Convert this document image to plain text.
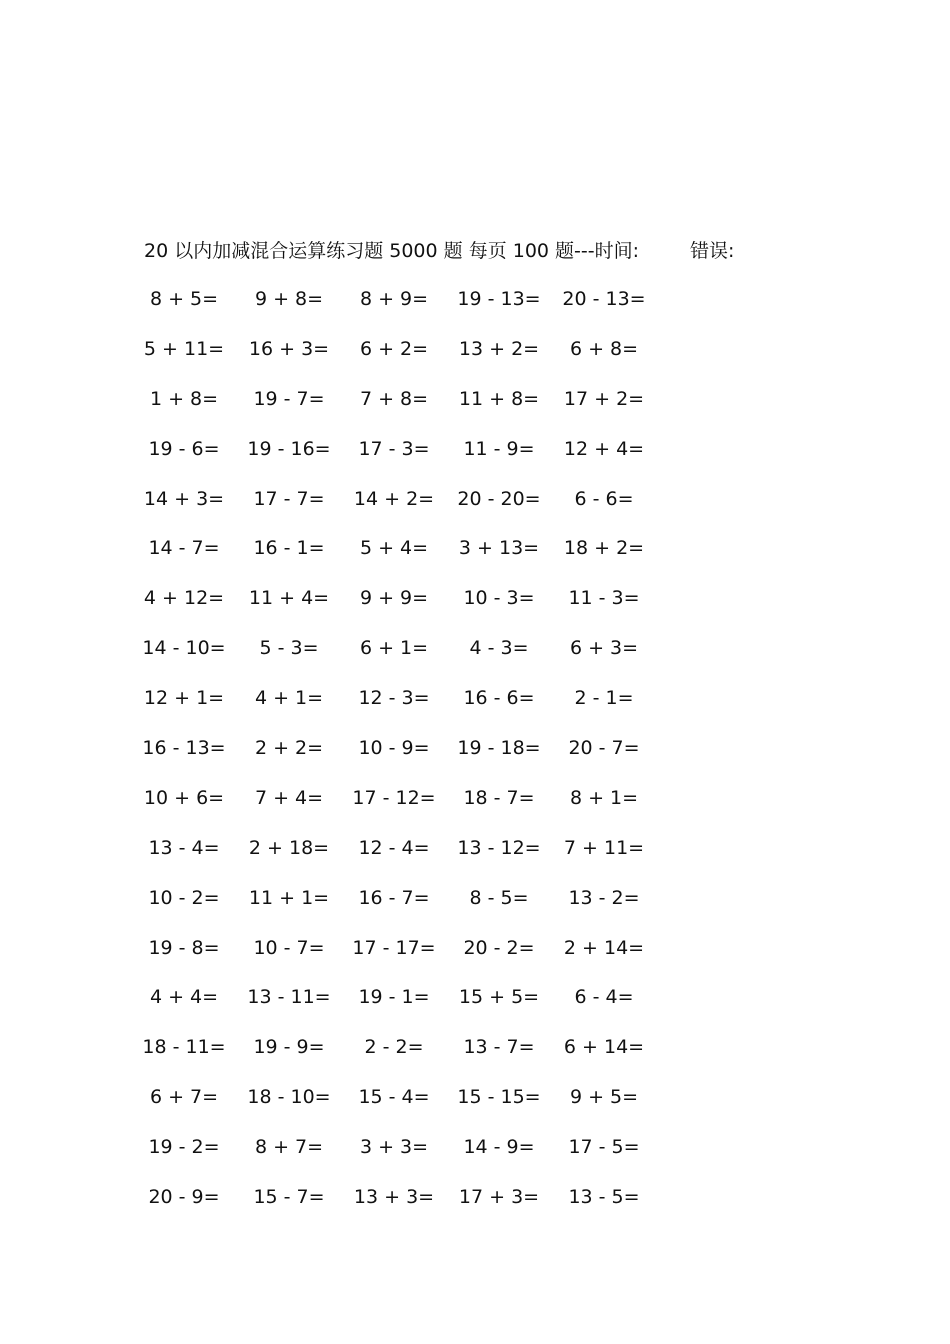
20 以内加减混合运算练习题 5000 题 每页 100 题---时间:	错误:
8 + 5=	9 + 8=	8 + 9=	19 - 13=	20 - 13=
5 + 11=	16 + 3=	6 + 2=	13 + 2=	6 + 8=
1 + 8=	19 - 7=	7 + 8=	11 + 8=	17 + 2=
19 - 6=	19 - 16=	17 - 3=	11 - 9=	12 + 4=
14 + 3=	17 - 7=	14 + 2=	20 - 20=	6 - 6=
14 - 7=	16 - 1=	5 + 4=	3 + 13=	18 + 2=
4 + 12=	11 + 4=	9 + 9=	10 - 3=	11 - 3=
14 - 10=	5 - 3=	6 + 1=	4 - 3=	6 + 3=
12 + 1=	4 + 1=	12 - 3=	16 - 6=	2 - 1=
16 - 13=	2 + 2=	10 - 9=	19 - 18=	20 - 7=
10 + 6=	7 + 4=	17 - 12=	18 - 7=	8 + 1=
13 - 4=	2 + 18=	12 - 4=	13 - 12=	7 + 11=
10 - 2=	11 + 1=	16 - 7=	8 - 5=	13 - 2=
19 - 8=	10 - 7=	17 - 17=	20 - 2=	2 + 14=
4 + 4=	13 - 11=	19 - 1=	15 + 5=	6 - 4=
18 - 11=	19 - 9=	2 - 2=	13 - 7=	6 + 14=
6 + 7=	18 - 10=	15 - 4=	15 - 15=	9 + 5=
19 - 2=	8 + 7=	3 + 3=	14 - 9=	17 - 5=
20 - 9=	15 - 7=	13 + 3=	17 + 3=	13 - 5=
